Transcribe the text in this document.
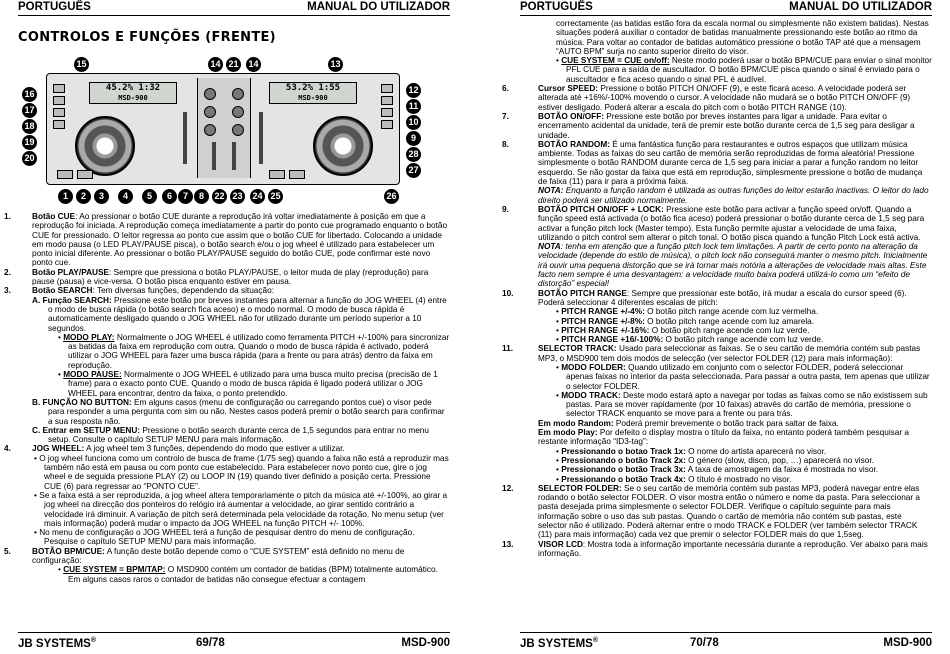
PORTUGUÊS	MANUAL DO UTILIZADOR
CONTROLOS E FUNÇÕES (FRENTE)
45.2% 1:32
MSD-900
53.2% 1:55
MSD-900
15	14 21 14	13
16
17
18
19
20
12
11
10
9
28
27
1	2	3	4	5	6	7	8	22 23 24 25	26

1.	Botão CUE: Ao pressionar o botão CUE durante a reprodução irá voltar imediatamente à posição em que a reprodução foi iniciada. A reprodução começa imediatamente a partir do ponto cue programado enquanto o botão CUE for pressionado. O leitor regressa ao ponto cue assim que o botão CUE for libertado. Colocando a unidade em modo pausa (o LED PLAY/PAUSE pisca), o botão search e/ou o jog wheel é utilizado para estabelecer um ponto inicial diferente. Ao pressionar o botão PLAY/PAUSE seguido do botão CUE, pode confirmar este novo ponto cue.

2.	Botão PLAY/PAUSE: Sempre que pressiona o botão PLAY/PAUSE, o leitor muda de play (reprodução) para pause (pausa) e vice-versa. O botão pisca enquanto estiver em pausa.

3.	Botão SEARCH: Tem diversas funções, dependendo da situação:

A. Função SEARCH: Pressione este botão por breves instantes para alternar a função do JOG WHEEL (4) entre o modo de busca rápida (o botão search fica aceso) e o modo normal. O modo de busca rápida é automaticamente desligado quando o JOG WHEEL não for utilizado durante um período superior a 10 segundos.

• MODO PLAY: Normalmente o JOG WHEEL é utilizado como ferramenta PITCH +/-100% para sincronizar as batidas da faixa em reprodução com outra. Quando o modo de busca rápida é activado, poderá utilizar o JOG WHEEL para fazer uma busca rápida (para a frente ou para atrás) dentro da faixa em reprodução.

• MODO PAUSE: Normalmente o JOG WHEEL é utilizado para uma busca muito precisa (precisão de 1 frame) para o exacto ponto CUE. Quando o modo de busca rápida é ligado poderá utilizar o JOG WHEEL para encontrar, dentro da faixa, o ponto pretendido.

B. FUNÇÃO NO BUTTON: Em alguns casos (menu de configuração ou carregando pontos cue) o visor pede para responder a uma pergunta com sim ou não. Nestes casos poderá premir o botão search para confirmar a sua resposta não.

C. Entrar em SETUP MENU: Pressione o botão search durante cerca de 1,5 segundos para entrar no menu setup. Consulte o capítulo SETUP MENU para mais informação.

4.	JOG WHEEL: A jog wheel tem 3 funções, dependendo do modo que estiver a utilizar.

• O jog wheel funciona como um controlo de busca de frame (1/75 seg) quando a faixa não está a reproduzir mas também não está em pausa ou com ponto cue estabelecido. Para estabelecer novo ponto cue, gire o jog wheel e de seguida pressione PLAY (2) ou LOOP IN (19) quando tiver definido a posição certa. Pressione CUE (6) para regressar ao “PONTO CUE”.

• Se a faixa está a ser reproduzida, a jog wheel altera temporariamente o pitch da música até +/-100%, ao girar a jog wheel na direcção dos ponteiros do relógio irá aumentar a velocidade, ao girar sentido contrário a velocidade irá diminuir. A variação de pitch será determinada pela velocidade da rotação. No menu setup (ver mais informação) poderá mudar o impacto da JOG WHEEL na função PITCH +/- 100%.

• No menu de configuração o JOG WHEEL terá a função de pesquisar dentro do menu de configuração. Pesquise o capítulo SETUP MENU para mais informação.

5.	BOTÃO BPM/CUE: A função deste botão depende como o “CUE SYSTEM” está definido no menu de configuração:

• CUE SYSTEM = BPM/TAP: O MSD900 contém um contador de batidas (BPM) totalmente automático. Em alguns casos raros o contador de batidas não consegue efectuar a contagem

JB SYSTEMS®	69/78	MSD-900
PORTUGUÊS	MANUAL DO UTILIZADOR

correctamente (as batidas estão fora da escala normal ou simplesmente não existem batidas). Nestas situações poderá auxiliar o contador de batidas manualmente pressionando este botão ao ritmo da música. Para voltar ao contador de batidas automático pressione o botão TAP até que a mensagem “AUTO BPM” surja no canto superior direito do visor.

• CUE SYSTEM = CUE on/off: Neste modo poderá usar o botão BPM/CUE para enviar o sinal monitor PFL CUE para a saída de auscultador. O botão BPM/CUE pisca quando o sinal é enviado para o auscultador e fica aceso quando o sinal PFL é audível.

6.	Cursor SPEED: Pressione o botão PITCH ON/OFF (9), e este ficará aceso. A velocidade poderá ser alterada até +16%/-100% movendo o cursor. A velocidade não mudará se o botão PITCH ON/OFF (9) estiver desligado. Poderá alterar a escala do pitch com o botão PITCH RANGE (10).

7.	BOTÃO ON/OFF: Pressione este botão por breves instantes para ligar a unidade. Para evitar o encerramento acidental da unidade, terá de premir este botão durante cerca de 1,5 seg para desligar a unidade.

8.	BOTÃO RANDOM: É uma fantástica função para restaurantes e outros espaços que utilizam música ambiente. Todas as faixas do seu cartão de memória serão reproduzidas de forma aleatória! Pressione simplesmente o botão RANDOM durante cerca de 1,5 seg para iniciar a parar a função random no leitor esquerdo. Se não gostar da faixa que está em reprodução, simplesmente pressione o botão de mudança de faixa (11) para ir para a próxima faixa.
NOTA: Enquanto a função random é utilizada as outras funções do leitor estarão inactivas. O leitor do lado direito poderá ser utilizado normalmente.

9.	BOTÃO PITCH ON/OFF + LOCK: Pressione este botão para activar a função speed on/off. Quando a função speed está activada (o botão fica aceso) poderá pressionar o botão durante cerca de 1,5 seg para activar a função pitch lock (Master tempo). Esta função permite ajustar a velocidade de uma faixa, utilizando o pitch control sem alterar o pitch tonal. O botão pisca quando a função Pitch Lock está activa.
NOTA: tenha em atenção que a função pitch lock tem limitações. A partir de certo ponto na alteração da velocidade (depende do estilo de música), o pitch lock não conseguirá manter o mesmo pitch. Inicialmente irá ouvir uma pequena distorção que se irá tornar mais notória a alterações de velocidade mais altas. Este facto nem sempre é uma desvantagem: a velocidade muito baixa poderá utilizá-lo como um “efeito de distorção” especial!

10.	BOTÃO PITCH RANGE: Sempre que pressionar este botão, irá mudar a escala do cursor speed (6). Poderá seleccionar 4 diferentes escalas de pitch:

• PITCH RANGE +/-4%: O botão pitch range acende com luz vermelha.

• PITCH RANGE +/-8%: O botão pitch range acende com luz amarela.

• PITCH RANGE +/-16%: O botão pitch range acende com luz verde.

• PITCH RANGE +16/-100%: O botão pitch range acende com luz verde.

11.	SELECTOR TRACK: Usado para seleccionar as faixas. Se o seu cartão de memória contém sub pastas MP3, o MSD900 tem dois modos de selecção (ver selector FOLDER (12) para mais informação):

• MODO FOLDER: Quando utilizado em conjunto com o selector FOLDER, poderá seleccionar apenas faixas no interior da pasta seleccionada. Para passar a outra pasta, tem apenas que utilizar o selector FOLDER.

• MODO TRACK: Deste modo estará apto a navegar por todas as faixas como se não existissem sub pastas. Para se mover rapidamente (por 10 faixas) através do cartão de memória, pressione o selector TRACK enquanto se move para a frente ou para trás.

Em modo Random: Poderá premir brevemente o botão track para saltar de faixa.

Em modo Play: Por defeito o display mostra o título da faixa, no entanto poderá também pesquisar a restante informação “ID3-tag”:

• Pressionando o botao Track 1x: O nome do artista aparecerá no visor.

• Pressionando o botão Track 2x: O género (slow, disco, pop, …) aparecerá no visor.

• Pressionando o botão Track 3x: A taxa de amostragem da faixa é mostrada no visor.

• Pressionando o botão Track 4x: O título é mostrado no visor.

12.	SELECTOR FOLDER: Se o seu cartão de memória contém sub pastas MP3, poderá navegar entre elas rodando o botão selector FOLDER. O visor mostra então o número e nome da pasta. Para seleccionar a pasta desejada prima simplesmente o selector FOLDER. Verifique o capítulo seguinte para mais informação sobre o uso das sub pastas. Quando o cartão de memória não contém sub pastas, este selector não é utilizado. Poderá alternar entre o modo TRACK e FOLDER (ver também selector TRACK (11) para mais informação) cada vez que premir o selector FOLDER mais do que 1,5seg.

13.	VISOR LCD: Mostra toda a informação importante necessária durante a reprodução. Ver abaixo para mais informação.

JB SYSTEMS®	70/78	MSD-900
